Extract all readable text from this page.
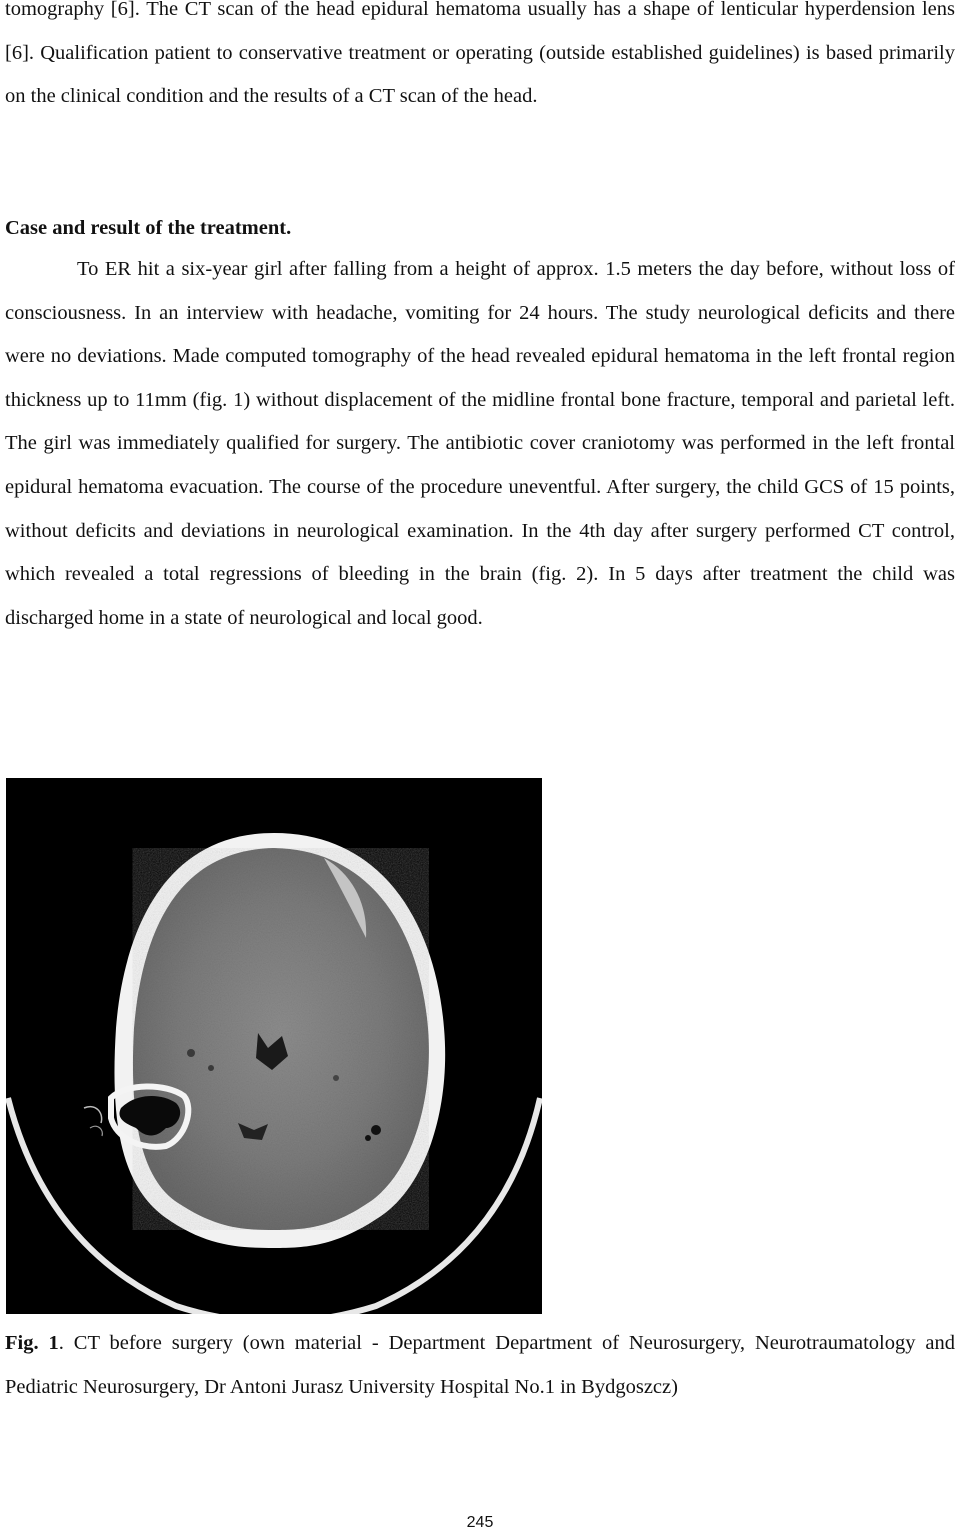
tomography [6]. The CT scan of the head epidural hematoma usually has a shape of lenticular hyperdension lens [6]. Qualification patient to conservative treatment or operating (outside established guidelines) is based primarily on the clinical condition and the results of a CT scan of the head.

Case and result of the treatment.

To ER hit a six-year girl after falling from a height of approx. 1.5 meters the day before, without loss of consciousness. In an interview with headache, vomiting for 24 hours. The study neurological deficits and there were no deviations. Made computed tomography of the head revealed epidural hematoma in the left frontal region thickness up to 11mm (fig. 1) without displacement of the midline frontal bone fracture, temporal and parietal left. The girl was immediately qualified for surgery. The antibiotic cover craniotomy was performed in the left frontal epidural hematoma evacuation. The course of the procedure uneventful. After surgery, the child GCS of 15 points, without deficits and deviations in neurological examination. In the 4th day after surgery performed CT control, which revealed a total regressions of bleeding in the brain (fig. 2). In 5 days after treatment the child was discharged home in a state of neurological and local good.

Fig. 1. CT before surgery (own material - Department Department of Neurosurgery, Neurotraumatology and Pediatric Neurosurgery, Dr Antoni Jurasz University Hospital No.1 in Bydgoszcz)

245
